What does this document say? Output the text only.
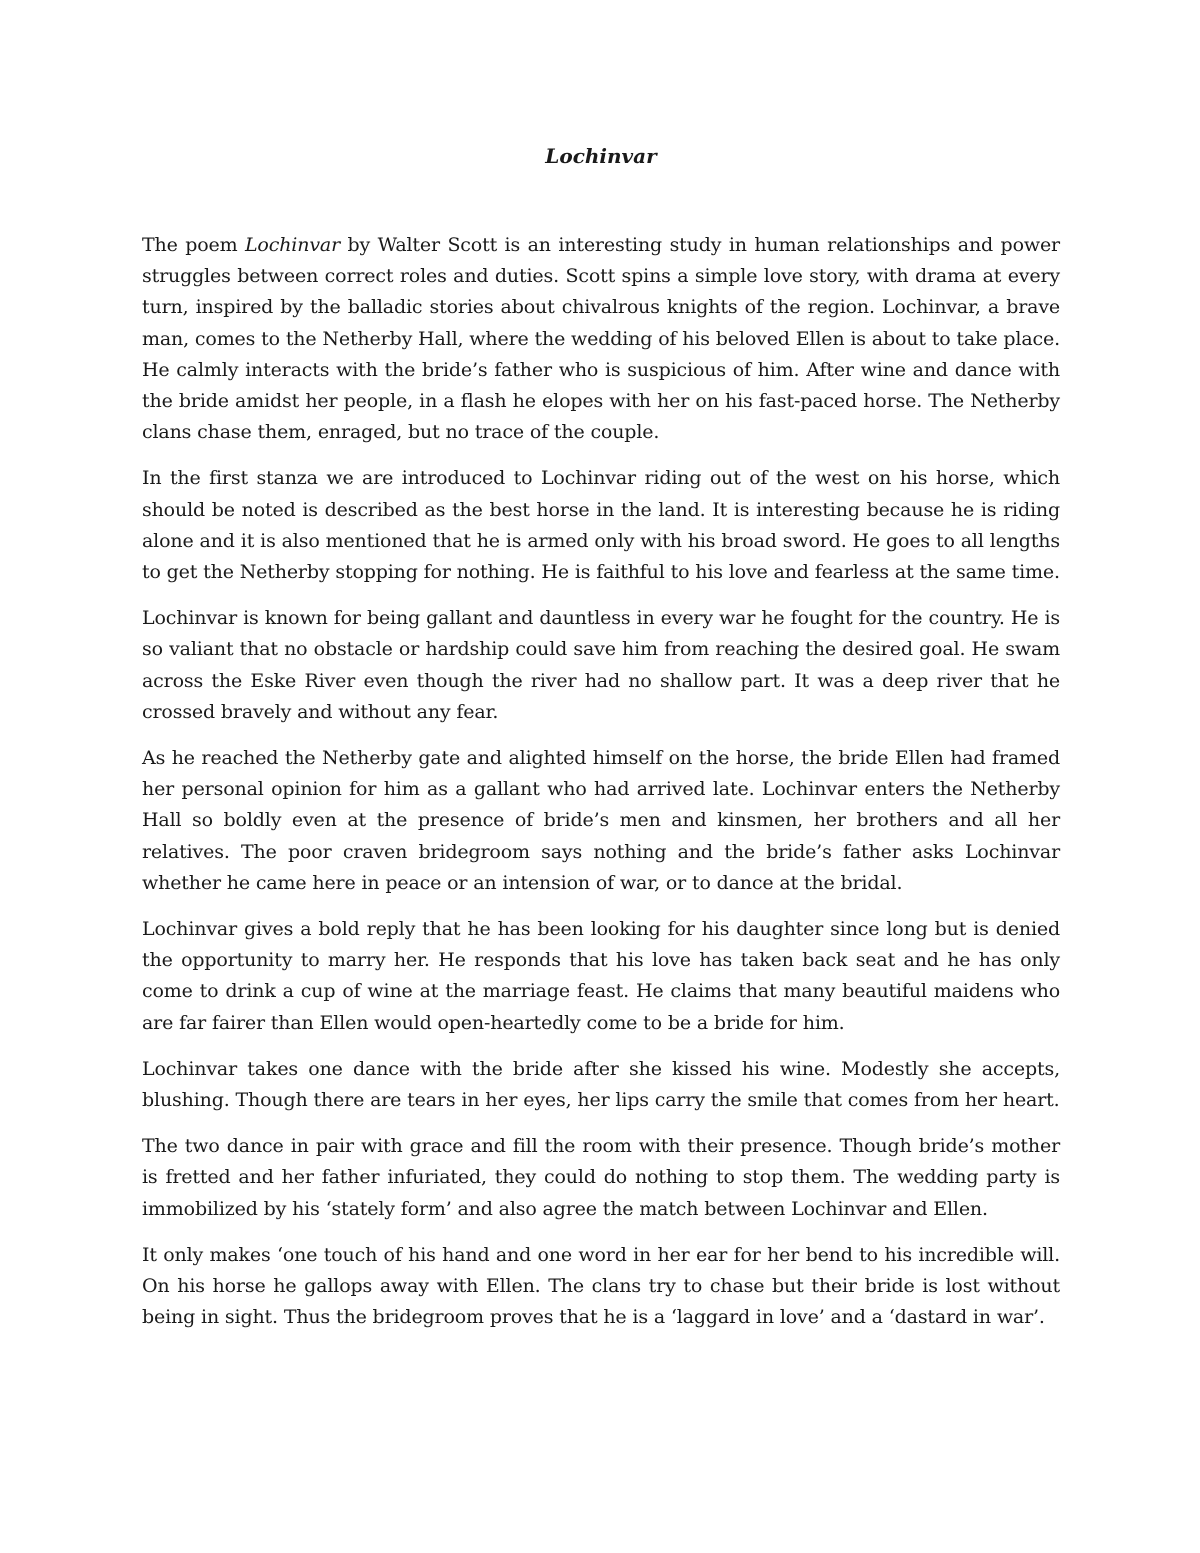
Lochinvar

The poem Lochinvar by Walter Scott is an interesting study in human relationships and power struggles between correct roles and duties. Scott spins a simple love story, with drama at every turn, inspired by the balladic stories about chivalrous knights of the region. Lochinvar, a brave man, comes to the Netherby Hall, where the wedding of his beloved Ellen is about to take place. He calmly interacts with the bride’s father who is suspicious of him. After wine and dance with the bride amidst her people, in a flash he elopes with her on his fast-paced horse. The Netherby clans chase them, enraged, but no trace of the couple.

In the first stanza we are introduced to Lochinvar riding out of the west on his horse, which should be noted is described as the best horse in the land. It is interesting because he is riding alone and it is also mentioned that he is armed only with his broad sword. He goes to all lengths to get the Netherby stopping for nothing. He is faithful to his love and fearless at the same time.

Lochinvar is known for being gallant and dauntless in every war he fought for the country. He is so valiant that no obstacle or hardship could save him from reaching the desired goal. He swam across the Eske River even though the river had no shallow part. It was a deep river that he crossed bravely and without any fear.

As he reached the Netherby gate and alighted himself on the horse, the bride Ellen had framed her personal opinion for him as a gallant who had arrived late. Lochinvar enters the Netherby Hall so boldly even at the presence of bride’s men and kinsmen, her brothers and all her relatives. The poor craven bridegroom says nothing and the bride’s father asks Lochinvar whether he came here in peace or an intension of war, or to dance at the bridal.

Lochinvar gives a bold reply that he has been looking for his daughter since long but is denied the opportunity to marry her. He responds that his love has taken back seat and he has only come to drink a cup of wine at the marriage feast. He claims that many beautiful maidens who are far fairer than Ellen would open-heartedly come to be a bride for him.

Lochinvar takes one dance with the bride after she kissed his wine. Modestly she accepts, blushing. Though there are tears in her eyes, her lips carry the smile that comes from her heart.

The two dance in pair with grace and fill the room with their presence. Though bride’s mother is fretted and her father infuriated, they could do nothing to stop them. The wedding party is immobilized by his ‘stately form’ and also agree the match between Lochinvar and Ellen.

It only makes ‘one touch of his hand and one word in her ear for her bend to his incredible will. On his horse he gallops away with Ellen. The clans try to chase but their bride is lost without being in sight. Thus the bridegroom proves that he is a ‘laggard in love’ and a ‘dastard in war’.
